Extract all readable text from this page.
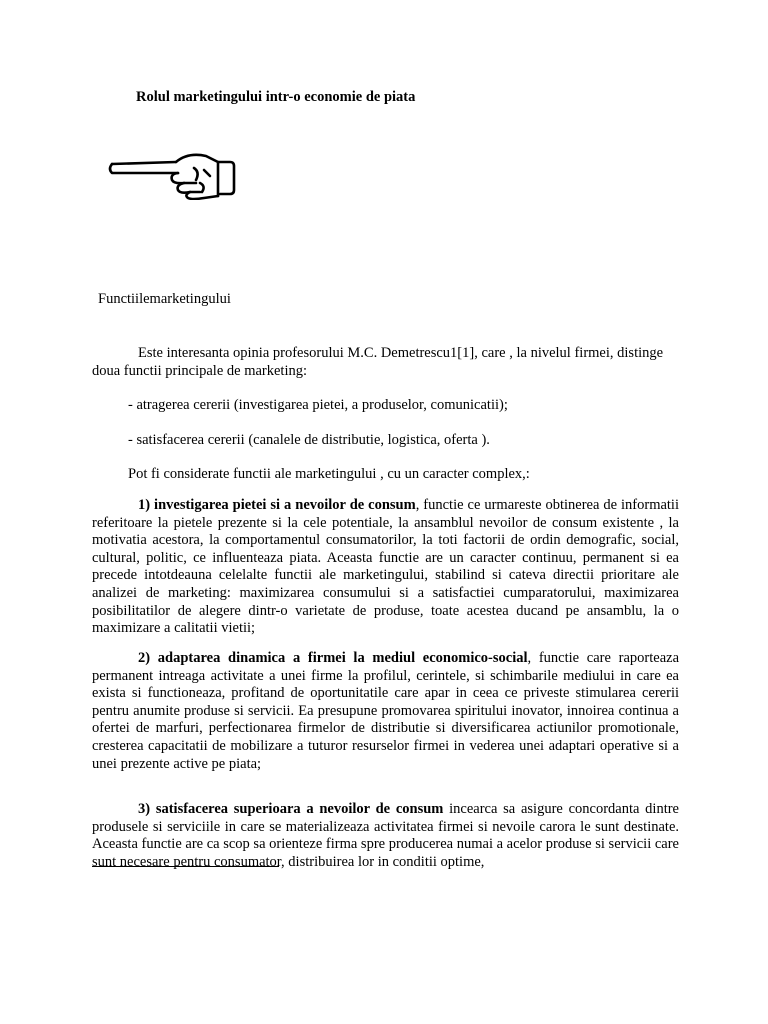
Rolul marketingului intr-o economie de piata
Functiilemarketingului
Este interesanta opinia profesorului M.C. Demetrescu1[1], care , la nivelul firmei, distinge doua functii principale de marketing:
- atragerea cererii (investigarea pietei, a produselor, comunicatii);
- satisfacerea cererii (canalele de distributie, logistica, oferta ).
Pot fi considerate functii ale marketingului , cu un caracter complex,:
1) investigarea pietei si a nevoilor de consum, functie ce urmareste obtinerea de informatii referitoare la pietele prezente si la cele potentiale, la ansamblul nevoilor de consum existente , la motivatia acestora, la comportamentul consumatorilor, la toti factorii de ordin demografic, social, cultural, politic, ce influenteaza piata. Aceasta functie are un caracter continuu, permanent si ea precede intotdeauna celelalte functii ale marketingului, stabilind si cateva directii prioritare ale analizei de marketing: maximizarea consumului si a satisfactiei cumparatorului, maximizarea posibilitatilor de alegere dintr-o varietate de produse, toate acestea ducand pe ansamblu, la o maximizare a calitatii vietii;
2) adaptarea dinamica a firmei la mediul economico-social, functie care raporteaza permanent intreaga activitate a unei firme la profilul, cerintele, si schimbarile mediului in care ea exista si functioneaza, profitand de oportunitatile care apar in ceea ce priveste stimularea cererii pentru anumite produse si servicii. Ea presupune promovarea spiritului inovator, innoirea continua a ofertei de marfuri, perfectionarea firmelor de distributie si diversificarea actiunilor promotionale, cresterea capacitatii de mobilizare a tuturor resurselor firmei in vederea unei adaptari operative si a unei prezente active pe piata;
3) satisfacerea superioara a nevoilor de consum incearca sa asigure concordanta dintre produsele si serviciile in care se materializeaza activitatea firmei si nevoile carora le sunt destinate. Aceasta functie are ca scop sa orienteze firma spre producerea numai a acelor produse si servicii care sunt necesare pentru consumator, distribuirea lor in conditii optime,
